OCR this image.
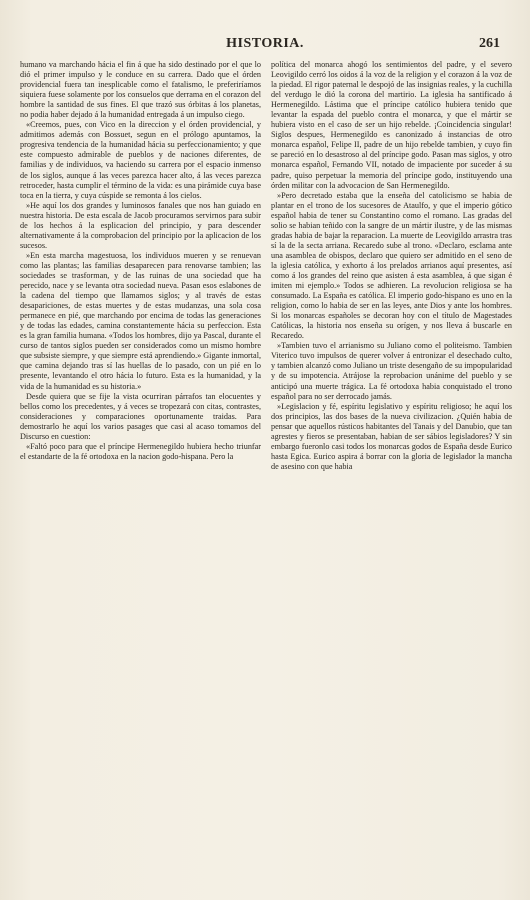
HISTORIA.	261

humano va marchando hácia el fin á que ha sido destinado por el que lo dió el primer impulso y le conduce en su carrera. Dado que el órden providencial fuera tan inesplicable como el fatalismo, le preferiríamos siquiera fuese solamente por los consuelos que derrama en el corazon del hombre la santidad de sus fines. El que trazó sus órbitas á los planetas, no podia haber dejado á la humanidad entregada á un impulso ciego.

«Creemos, pues, con Vico en la direccion y el órden providencial, y admitimos además con Bossuet, segun en el prólogo apuntamos, la progresiva tendencia de la humanidad hácia su perfeccionamiento; y que este compuesto admirable de pueblos y de naciones diferentes, de familias y de individuos, va haciendo su carrera por el espacio inmenso de los siglos, aunque á las veces parezca hacer alto, á las veces parezca retroceder, hasta cumplir el término de la vida: es una pirámide cuya base toca en la tierra, y cuya cúspide se remonta á los cielos.

»He aquí los dos grandes y luminosos fanales que nos han guiado en nuestra historia. De esta escala de Jacob procuramos servirnos para subir de los hechos á la esplicacion del principio, y para descender alternativamente á la comprobacion del principio por la aplicacion de los sucesos.

»En esta marcha magestuosa, los individuos mueren y se renuevan como las plantas; las familias desaparecen para renovarse tambien; las sociedades se trasforman, y de las ruinas de una sociedad que ha perecido, nace y se levanta otra sociedad nueva. Pasan esos eslabones de la cadena del tiempo que llamamos siglos; y al través de estas desapariciones, de estas muertes y de estas mudanzas, una sola cosa permanece en pié, que marchando por encima de todas las generaciones y de todas las edades, camina constantemente hácia su perfeccion. Esta es la gran familia humana. «Todos los hombres, dijo ya Pascal, durante el curso de tantos siglos pueden ser considerados como un mismo hombre que subsiste siempre, y que siempre está aprendiendo.» Gigante inmortal, que camina dejando tras sí las huellas de lo pasado, con un pié en lo presente, levantando el otro hácia lo futuro. Esta es la humanidad, y la vida de la humanidad es su historia.»

Desde quiera que se fije la vista ocurriran párrafos tan elocuentes y bellos como los precedentes, y á veces se tropezará con citas, contrastes, consideraciones y comparaciones oportunamente traidas. Para demostrarlo he aquí los varios pasages que casi al acaso tomamos del Discurso en cuestion:

«Faltó poco para que el príncipe Hermenegildo hubiera hecho triunfar el estandarte de la fé ortodoxa en la nacion godo-hispana. Pero la

política del monarca ahogó los sentimientos del padre, y el severo Leovigildo cerró los oidos á la voz de la religion y el corazon á la voz de la piedad. El rigor paternal le despojó de las insignias reales, y la cuchilla del verdugo le dió la corona del martirio. La iglesia ha santificado á Hermenegildo. Lástima que el príncipe católico hubiera tenido que levantar la espada del pueblo contra el monarca, y que el mártir se hubiera visto en el caso de ser un hijo rebelde. ¡Coincidencia singular! Siglos despues, Hermenegildo es canonizado á instancias de otro monarca español, Felipe II, padre de un hijo rebelde tambien, y cuyo fin se pareció en lo desastroso al del príncipe godo. Pasan mas siglos, y otro monarca español, Fernando VII, notado de impaciente por suceder á su padre, quiso perpetuar la memoria del príncipe godo, instituyendo una órden militar con la advocacion de San Hermenegildo.

»Pero decretado estaba que la enseña del catolicismo se habia de plantar en el trono de los sucesores de Ataulfo, y que el imperio gótico español habia de tener su Constantino como el romano. Las gradas del solio se habian teñido con la sangre de un mártir ilustre, y de las mismas gradas habia de bajar la reparacion. La muerte de Leovigildo arrastra tras sí la de la secta arriana. Recaredo sube al trono. «Declaro, esclama ante una asamblea de obispos, declaro que quiero ser admitido en el seno de la iglesia católica, y exhorto á los prelados arrianos aquí presentes, así como á los grandes del reino que asisten á esta asamblea, á que sigan é imiten mi ejemplo.» Todos se adhieren. La revolucion religiosa se ha consumado. La España es católica. El imperio godo-hispano es uno en la religion, como lo habia de ser en las leyes, ante Dios y ante los hombres. Si los monarcas españoles se decoran hoy con el título de Magestades Católicas, la historia nos enseña su orígen, y nos lleva á buscarle en Recaredo.

»Tambien tuvo el arrianismo su Juliano como el politeismo. Tambien Viterico tuvo impulsos de querer volver á entronizar el desechado culto, y tambien alcanzó como Juliano un triste desengaño de su impopularidad y de su impotencia. Atrájose la reprobacion unánime del pueblo y se anticipó una muerte trágica. La fé ortodoxa habia conquistado el trono español para no ser derrocado jamás.

»Legislacion y fé, espíritu legislativo y espíritu religioso; he aquí los dos principios, las dos bases de la nueva civilizacion. ¿Quién habia de pensar que aquellos rústicos habitantes del Tanais y del Danubio, que tan agrestes y fieros se presentaban, habian de ser sábios legisladores? Y sin embargo fueronlo casi todos los monarcas godos de España desde Eurico hasta Egica. Eurico aspira á borrar con la gloria de legislador la mancha de asesino con que habia
